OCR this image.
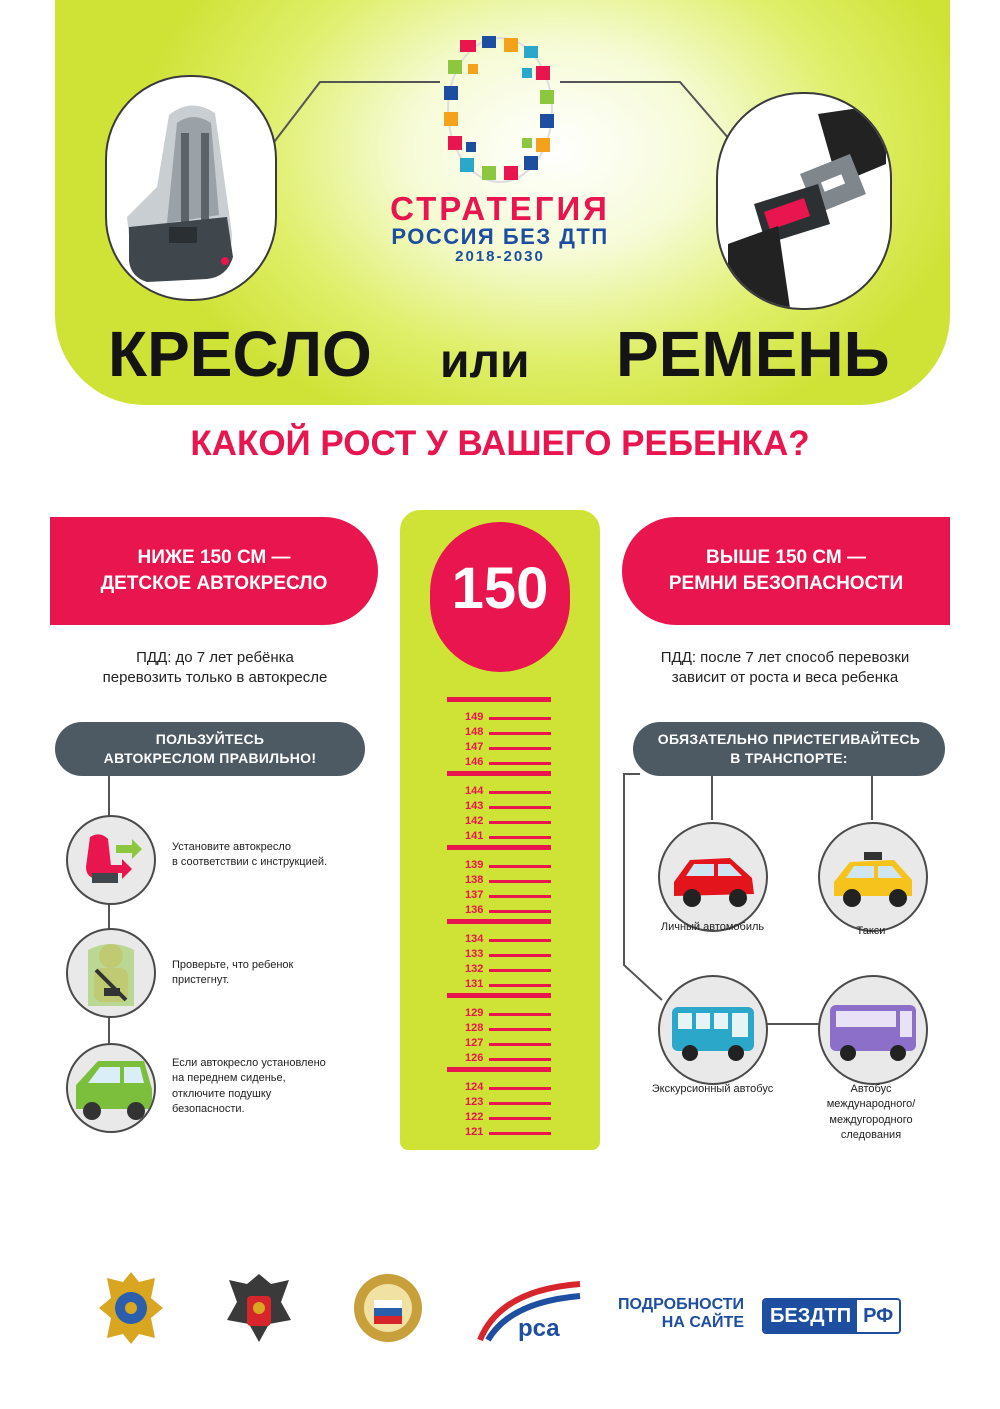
СТРАТЕГИЯ
РОССИЯ БЕЗ ДТП
2018-2030
КРЕСЛО или РЕМЕНЬ
КАКОЙ РОСТ У ВАШЕГО РЕБЕНКА?
НИЖЕ 150 СМ —
ДЕТСКОЕ АВТОКРЕСЛО
ПДД: до 7 лет ребёнка
перевозить только в автокресле
ПОЛЬЗУЙТЕСЬ
АВТОКРЕСЛОМ ПРАВИЛЬНО!
Установите автокресло
в соответствии с инструкцией.
Проверьте, что ребенок
пристегнут.
Если автокресло установлено
на переднем сиденье,
отключите подушку
безопасности.
150
149
148
147
146
144
143
142
141
139
138
137
136
134
133
132
131
129
128
127
126
124
123
122
121
ВЫШЕ 150 СМ —
РЕМНИ БЕЗОПАСНОСТИ
ПДД: после 7 лет способ перевозки
зависит от роста и веса ребенка
ОБЯЗАТЕЛЬНО ПРИСТЕГИВАЙТЕСЬ
В ТРАНСПОРТЕ:
Личный автомобиль	Такси
Экскурсионный автобус	Автобус
международного/
междугородного
следования
рса
ПОДРОБНОСТИ
НА САЙТЕ	БЕЗДТП РФ
